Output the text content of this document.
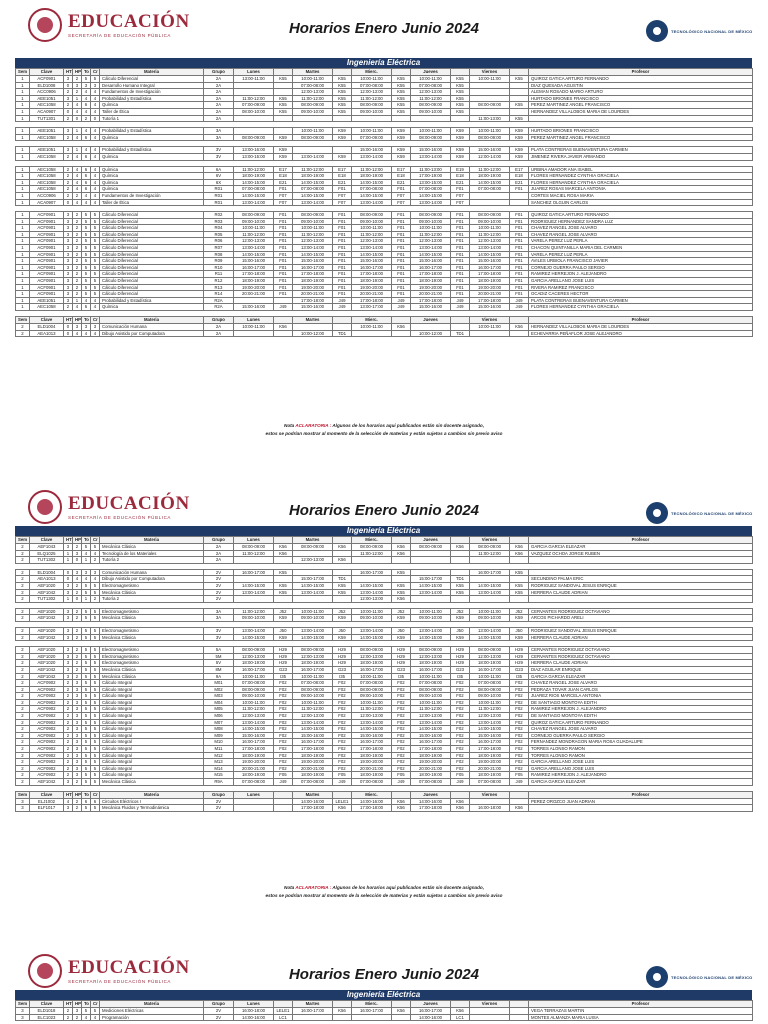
EDUCACIÓN
SECRETARÍA DE EDUCACIÓN PÚBLICA	Horarios Enero Junio 2024	TECNOLÓGICO NACIONAL DE MÉXICO
Ingeniería Eléctrica
Sem	Clave	HT	HP	To	Cr	Materia	Grupo	Lunes		Martes		Mierc.		Jueves		Viernes		Profesor
1	ACF0901	3	2	5	5	Cálculo Diferencial	2A	13:00-11:00	K55	10:00-11:00	K55	10:00-11:00	K55	10:00-11:00	K55	10:00-11:00	K55	QUIROZ GATICA ARTURO FERNANDO
1	ELD1008	0	3	3	3	Desarrollo Humano Integral	2A			07:00-08:00	K55	07:00-08:00	K55	07:00-08:00	K55			DIAZ QUESADA AGUSTIN
1	ACC0906	2	2	4	4	Fundamentos de Investigación	2A			12:00-13:00	K55	12:00-13:00	K55	12:00-13:00	K55			ALEMAN ROSADO MARIO ARTURO
1	AEE1051	3	1	4	4	Probabilidad y Estadística	2A	11:00-12:00	K55	11:00-12:00	K55	11:00-12:00	K55	11:00-12:00	K55			HURTADO BRIONES FRANCISCO
1	AEC1058	2	4	6	4	Química	2A	07:00-09:00	K55	08:00-09:00	K55	08:00-09:00	K55	08:00-09:00	K55	08:00-09:00	K55	PEREZ MARTINEZ ANGEL FRANCISCO
1	ACA0907	0	4	4	4	Taller de Ética	2A	08:00-10:00	K55	09:00-10:00	K55	09:00-10:00	K55	09:00-10:00	K55			HERNANDEZ VILLALOBOS MARIA DE LOURDES
1	TUT1301	2	0	2	0	Tutoría 1	2A									11:00-13:00	K55	

1	AEE1051	3	1	4	4	Probabilidad y Estadística	3A			10:00-11:00	K59	10:00-11:00	K59	10:00-11:00	K59	10:00-11:00	K59	HURTADO BRIONES FRANCISCO
1	AEC1058	2	4	6	4	Química	3A	08:00-09:00	K59	08:00-09:00	K59	07:00-09:00	K59	08:00-09:00	K59	08:00-09:00	K59	PEREZ MARTINEZ ANGEL FRANCISCO

1	AEE1051	3	1	4	4	Probabilidad y Estadística	3V	13:00-16:00	K59			15:00-16:00	K59	15:00-16:00	K59	15:00-16:00	K59	PLATA CONTRERAS BUENAVENTURA CARMEN
1	AEC1058	2	4	6	4	Química	3V	13:00-15:00	K59	13:00-14:00	K59	13:00-14:00	K59	13:00-14:00	K59	12:00-14:00	K59	JIMENEZ RIVERA JAVIER ARMANDO

1	AEC1058	2	4	6	4	Química	6A	11:00-12:00	E17	11:00-12:00	E17	11:00-12:00	E17	11:00-13:00	E19	11:00-12:00	E17	URBINA AMADOR ANA ISABEL
1	AEC1058	2	4	6	4	Química	6V	18:00-19:00	E18	18:00-19:00	E18	18:00-19:00	E18	17:00-19:00	E18	18:00-19:00	E18	FLORES HERNANDEZ CYNTHIA GRACIELA
1	AEC1058	2	4	6	4	Química	6X	14:00-15:00	E21	14:00-15:00	E21	14:00-15:00	E21	13:00-15:00	E21	14:00-15:00	E21	FLORES HERNANDEZ CYNTHIA GRACIELA
1	AEC1058	2	4	6	4	Química	R01	07:00-08:00	F01	07:00-08:00	F01	07:00-08:00	F01	07:00-08:00	F01	07:00-08:00	F01	JUAREZ ROSAS MARCELA ANTONIA
1	ACC0906	2	2	4	4	Fundamentos de Investigación	R01	14:00-15:00	F07	14:00-15:00	F07	14:00-15:00	F07	14:00-15:00	F07			CORTES MACIEL ROSA MARIA
1	ACA0907	0	4	4	4	Taller de Ética	R01	13:00-14:00	F07	13:00-14:00	F07	13:00-14:00	F07	13:00-14:00	F07			SANCHEZ OLGUIN CARLOS

1	ACF0901	3	2	5	5	Cálculo Diferencial	R02	08:00-09:00	F01	08:00-09:00	F01	08:00-09:00	F01	08:00-09:00	F01	08:00-09:00	F01	QUIROZ GATICA ARTURO FERNANDO
1	ACF0901	3	2	5	5	Cálculo Diferencial	R03	09:00-10:00	F01	09:00-10:00	F01	09:00-10:00	F01	09:00-10:00	F01	09:00-10:00	F01	RODRIGUEZ HERNANDEZ SANDRA LUZ
1	ACF0901	3	2	5	5	Cálculo Diferencial	R04	10:00-11:00	F01	10:00-11:00	F01	10:00-11:00	F01	10:00-11:00	F01	10:00-11:00	F01	CHAVEZ RANGEL JOSE ALVARO
1	ACF0901	3	2	5	5	Cálculo Diferencial	R05	11:00-12:00	F01	11:00-12:00	F01	11:00-12:00	F01	11:00-12:00	F01	11:00-12:00	F01	CHAVEZ RANGEL JOSE ALVARO
1	ACF0901	3	2	5	5	Cálculo Diferencial	R06	12:00-13:00	F01	12:00-13:00	F01	12:00-13:00	F01	12:00-13:00	F01	12:00-13:00	F01	VARELA PEREZ LUZ PERLA
1	ACF0901	3	2	5	5	Cálculo Diferencial	R07	13:00-14:00	F01	13:00-14:00	F01	13:00-14:00	F01	13:00-14:00	F01	13:00-14:00	F01	CHACON QUINTANILLA MARIA DEL CARMEN
1	ACF0901	3	2	5	5	Cálculo Diferencial	R08	14:00-15:00	F01	14:00-15:00	F01	14:00-15:00	F01	14:00-15:00	F01	14:00-15:00	F01	VARELA PEREZ LUZ PERLA
1	ACF0901	3	2	5	5	Cálculo Diferencial	R09	15:00-16:00	F01	15:00-16:00	F01	15:00-16:00	F01	15:00-16:00	F01	15:00-16:00	F01	AVILES URBIOLA FRANCISCO JAVIER
1	ACF0901	3	2	5	5	Cálculo Diferencial	R10	16:00-17:00	F01	16:00-17:00	F01	16:00-17:00	F01	16:00-17:00	F01	16:00-17:00	F01	CORNEJO GUERRA PAULO SERGIO
1	ACF0901	3	2	5	5	Cálculo Diferencial	R11	17:00-18:00	F01	17:00-18:00	F01	17:00-18:00	F01	17:00-18:00	F01	17:00-18:00	F01	RAMIREZ HERREJON J. ALEJANDRO
1	ACF0901	3	2	5	5	Cálculo Diferencial	R12	18:00-19:00	F01	18:00-19:00	F01	18:00-19:00	F01	18:00-19:00	F01	18:00-19:00	F01	GARCIA ARELLANO JOSE LUIS
1	ACF0901	3	2	5	5	Cálculo Diferencial	R13	19:00-20:00	F01	19:00-20:00	F01	19:00-20:00	F01	19:00-20:00	F01	19:00-20:00	F01	RIVERA RAMIREZ FRANCISCO
1	ACF0901	3	2	5	5	Cálculo Diferencial	R14	20:00-21:00	F01	20:00-21:00	F01	20:00-21:00	F01	20:00-21:00	F01	20:00-21:00	F01	OCADIZ CACERES HECTOR
1	AEE1051	3	1	4	4	Probabilidad y Estadística	R2A			17:00-18:00	J49	17:00-18:00	J49	17:00-18:00	J49	17:00-18:00	J49	PLATA CONTRERAS BUENAVENTURA CARMEN
1	AEC1058	2	4	6	4	Química	R2A	15:00-16:00	J49	15:00-16:00	J49	13:00-17:00	J49	15:00-16:00	J49	15:00-16:00	J49	FLORES HERNANDEZ CYNTHIA GRACIELA

Sem	Clave	HT	HP	To	Cr	Materia	Grupo	Lunes		Martes		Mierc.		Jueves		Viernes		Profesor
2	ELD1004	0	3	3	3	Comunicación Humana	2A	10:00-11:00	K56			10:00-11:00	K56			10:00-11:00	K56	HERNANDEZ VILLALOBOS MARIA DE LOURDES
2	AEA1013	0	4	4	4	Dibujo Asistido por Computadora	2A			10:00-12:00	TD1			10:00-12:00	TD1			ECHEVARRIA PEÑAFLOR JOSE ALEJANDRO
Nota ACLARATORIA : Algunos de los horarios aqui publicados están sin docente asignado,
estos se podrían mostrar al momento de la selección de materias y están sujetos a cambios sin previo aviso
EDUCACIÓN
SECRETARÍA DE EDUCACIÓN PÚBLICA	Horarios Enero Junio 2024	TECNOLÓGICO NACIONAL DE MÉXICO
Ingeniería Eléctrica
Sem	Clave	HT	HP	To	Cr	Materia	Grupo	Lunes		Martes		Mierc.		Jueves		Viernes		Profesor
2	AEF1043	3	2	5	5	Mecánica Clásica	2A	08:00-09:00	K56	08:00-09:00	K56	08:00-09:00	K56	08:00-09:00	K56	08:00-09:00	K56	GARCIA GARCIA ELEAZAR
2	ELQ1025	1	3	4	4	Tecnología de los Materiales	2A	11:00-12:00	K56			11:00-12:00	K56			11:00-12:00	K56	VAZQUEZ OCHOA JORGE RUBEN
2	TUT1302	1	0	1	2	Tutoría 2	2A			12:00-13:00	K56							

2	ELD1004	0	3	3	3	Comunicación Humana	2V	16:00-17:00	K55			16:00-17:00	K55			16:00-17:00	K55	
2	AEA1013	0	4	4	4	Dibujo Asistido por Computadora	2V			15:00-17:00	TD1			15:00-17:00	TD1			SECUNDINO PALMA ERIC
2	AEF1020	3	2	5	5	Electromagnetismo	2V	14:00-15:00	K55	14:00-15:00	K55	14:00-15:00	K55	14:00-15:00	K55	14:00-15:00	K55	RODRIGUEZ SANDOVAL JESUS ENRIQUE
2	AEF1042	3	2	5	5	Mecánica Clásica	2V	13:00-14:00	K55	13:00-14:00	K55	13:00-14:00	K55	13:00-14:00	K55	13:00-14:00	K55	HERRERA CLAUDE ADRIAN
2	TUT1302	1	0	1	2	Tutoría 2	2V					12:00-13:00	K56					

2	AEF1020	3	2	5	5	Electromagnetismo	3A	11:00-12:00	J52	10:00-11:00	J52	10:00-11:00	J52	10:00-11:00	J52	10:00-11:00	J52	CERVANTES RODRIGUEZ OCTAVIANO
2	AEF1042	3	2	5	5	Mecánica Clásica	3A	09:00-10:00	K59	09:00-10:00	K59	09:00-10:00	K59	09:00-10:00	K59	09:00-10:00	K59	ARCOS PICHARDO ARELI

2	AEF1020	3	2	5	5	Electromagnetismo	3V	13:00-14:00	J50	13:00-14:00	J50	13:00-14:00	J50	13:00-14:00	J50	13:00-14:00	J50	RODRIGUEZ SANDOVAL JESUS ENRIQUE
2	AEF1042	3	2	5	5	Mecánica Clásica	3V	14:00-15:00	K59	14:00-15:00	K59	14:00-15:00	K59	14:00-15:00	K59	14:00-15:00	K59	HERRERA CLAUDE ADRIAN

2	AEF1020	3	2	5	5	Electromagnetismo	5A	08:00-09:00	H29	08:00-09:00	H29	08:00-09:00	H29	08:00-09:00	H29	08:00-09:00	H29	CERVANTES RODRIGUEZ OCTAVIANO
2	AEF1020	3	2	5	5	Electromagnetismo	5M	12:00-13:00	H29	12:00-13:00	H29	12:00-13:00	H29	12:00-13:00	H29	12:00-13:00	H29	CERVANTES RODRIGUEZ OCTAVIANO
2	AEF1020	3	2	5	5	Electromagnetismo	5V	18:00-19:00	H29	18:00-19:00	H29	18:00-19:00	H29	18:00-19:00	H29	18:00-19:00	H29	HERRERA CLAUDE ADRIAN
2	AEF1042	3	2	5	5	Mecánica Clásica	8M	16:00-17:00	G23	16:00-17:00	G23	16:00-17:00	G23	16:00-17:00	G23	16:00-17:00	G23	DIAZ AGUILAR ENRIQUE
2	AEF1042	3	2	5	5	Mecánica Clásica	9A	10:00-11:00	I35	10:00-11:00	I35	10:00-11:00	I35	10:00-11:00	I35	10:00-11:00	I35	GARCIA GARCIA ELEAZAR
2	ACF0902	2	3	5	5	Cálculo Integral	M01	07:00-08:00	F02	07:00-08:00	F02	07:00-08:00	F02	07:00-08:00	F02	07:00-08:00	F02	CHAVEZ RANGEL JOSE ALVARO
2	ACF0902	2	3	5	5	Cálculo Integral	M02	08:00-09:00	F02	08:00-09:00	F02	08:00-09:00	F02	08:00-09:00	F02	08:00-09:00	F02	PEDRAZA TOVAR JUAN CARLOS
2	ACF0902	2	3	5	5	Cálculo Integral	M03	09:00-10:00	F02	09:00-10:00	F02	09:00-10:00	F02	09:00-10:00	F02	09:00-10:00	F02	JUAREZ RIOS MARCELA ANTONIA
2	ACF0902	2	3	5	5	Cálculo Integral	M04	10:00-11:00	F02	10:00-11:00	F02	10:00-11:00	F02	10:00-11:00	F02	10:00-11:00	F02	DE SANTIAGO MONTOYA EDITH
2	ACF0902	2	3	5	5	Cálculo Integral	M05	11:00-12:00	F02	11:00-12:00	F02	11:00-12:00	F02	11:00-12:00	F02	11:00-12:00	F02	RAMIREZ HERREJON J. ALEJANDRO
2	ACF0902	2	3	5	5	Cálculo Integral	M06	12:00-13:00	F02	12:00-13:00	F02	12:00-13:00	F02	12:00-13:00	F02	12:00-13:00	F02	DE SANTIAGO MONTOYA EDITH
2	ACF0902	2	3	5	5	Cálculo Integral	M07	13:00-14:00	F02	13:00-14:00	F02	13:00-14:00	F02	13:00-14:00	F02	13:00-14:00	F02	QUIROZ GATICA ARTURO FERNANDO
2	ACF0902	2	3	5	5	Cálculo Integral	M08	14:00-15:00	F02	14:00-15:00	F02	14:00-15:00	F02	14:00-15:00	F02	14:00-15:00	F02	CHAVEZ RANGEL JOSE ALVARO
2	ACF0902	2	3	5	5	Cálculo Integral	M09	15:00-16:00	F02	15:00-16:00	F02	15:00-16:00	F02	15:00-16:00	F02	15:00-16:00	F02	CORNEJO GUERRA PAULO SERGIO
2	ACF0902	2	3	5	5	Cálculo Integral	M10	16:00-17:00	F02	16:00-17:00	F02	16:00-17:00	F02	16:00-17:00	F02	16:00-17:00	F02	FERNANDEZ MONDRAGON MARIA ROSA GUADALUPE
2	ACF0902	2	3	5	5	Cálculo Integral	M11	17:00-18:00	F02	17:00-18:00	F02	17:00-18:00	F02	17:00-18:00	F02	17:00-18:00	F02	TORRES ALONSO RAMON
2	ACF0902	2	3	5	5	Cálculo Integral	M12	18:00-19:00	F02	18:00-19:00	F02	18:00-19:00	F02	18:00-19:00	F02	18:00-19:00	F02	TORRES ALONSO RAMON
2	ACF0902	2	3	5	5	Cálculo Integral	M13	19:00-20:00	F02	19:00-20:00	F02	19:00-20:00	F02	19:00-20:00	F02	19:00-20:00	F02	GARCIA ARELLANO JOSE LUIS
2	ACF0902	2	3	5	5	Cálculo Integral	M14	20:00-21:00	F02	20:00-21:00	F02	20:00-21:00	F02	20:00-21:00	F02	20:00-21:00	F02	GARCIA ARELLANO JOSE LUIS
2	ACF0902	2	3	5	5	Cálculo Integral	M15	18:00-19:00	F05	18:00-19:00	F05	18:00-19:00	F05	18:00-19:00	F05	18:00-19:00	F05	RAMIREZ HERREJON J. ALEJANDRO
2	AEF1042	3	2	5	5	Mecánica Clásica	R9A	07:00-08:00	J49	07:00-08:00	J49	07:00-08:00	J49	07:00-08:00	J49	07:00-08:00	J49	GARCIA GARCIA ELEAZAR

Sem	Clave	HT	HP	To	Cr	Materia	Grupo	Lunes		Martes		Mierc.		Jueves		Viernes		Profesor
3	ELJ1002	4	2	6	6	Circuitos Eléctricos I	2V			14:00-16:00	LELE1	14:00-16:00	K56	14:00-16:00	K56			PEREZ OROZCO JUAN ADRIAN
3	ELF1017	3	2	5	5	Mecánica Fluidos y Termodinámica	2V			17:00-18:00	K56	17:00-18:00	K56	17:00-18:00	K56	16:00-18:00	K56	
Nota ACLARATORIA : Algunos de los horarios aqui publicados están sin docente asignado,
estos se podrían mostrar al momento de la selección de materias y están sujetos a cambios sin previo aviso
EDUCACIÓN
SECRETARÍA DE EDUCACIÓN PÚBLICA	Horarios Enero Junio 2024	TECNOLÓGICO NACIONAL DE MÉXICO
Ingeniería Eléctrica
Sem	Clave	HT	HP	To	Cr	Materia	Grupo	Lunes		Martes		Mierc.		Jueves		Viernes		Profesor
3	ELD1018	2	3	5	5	Mediciones Eléctricas	2V	16:00-18:00	LELE1	16:00-17:00	K56	16:00-17:00	K56	16:00-17:00	K56			VEGA TERRAZAS MARTIN
3	ELC1023	2	2	4	4	Programación	2V	14:00-16:00	LC1					14:00-16:00	LC1			MONTES ALMANZA MARIA LUISA
